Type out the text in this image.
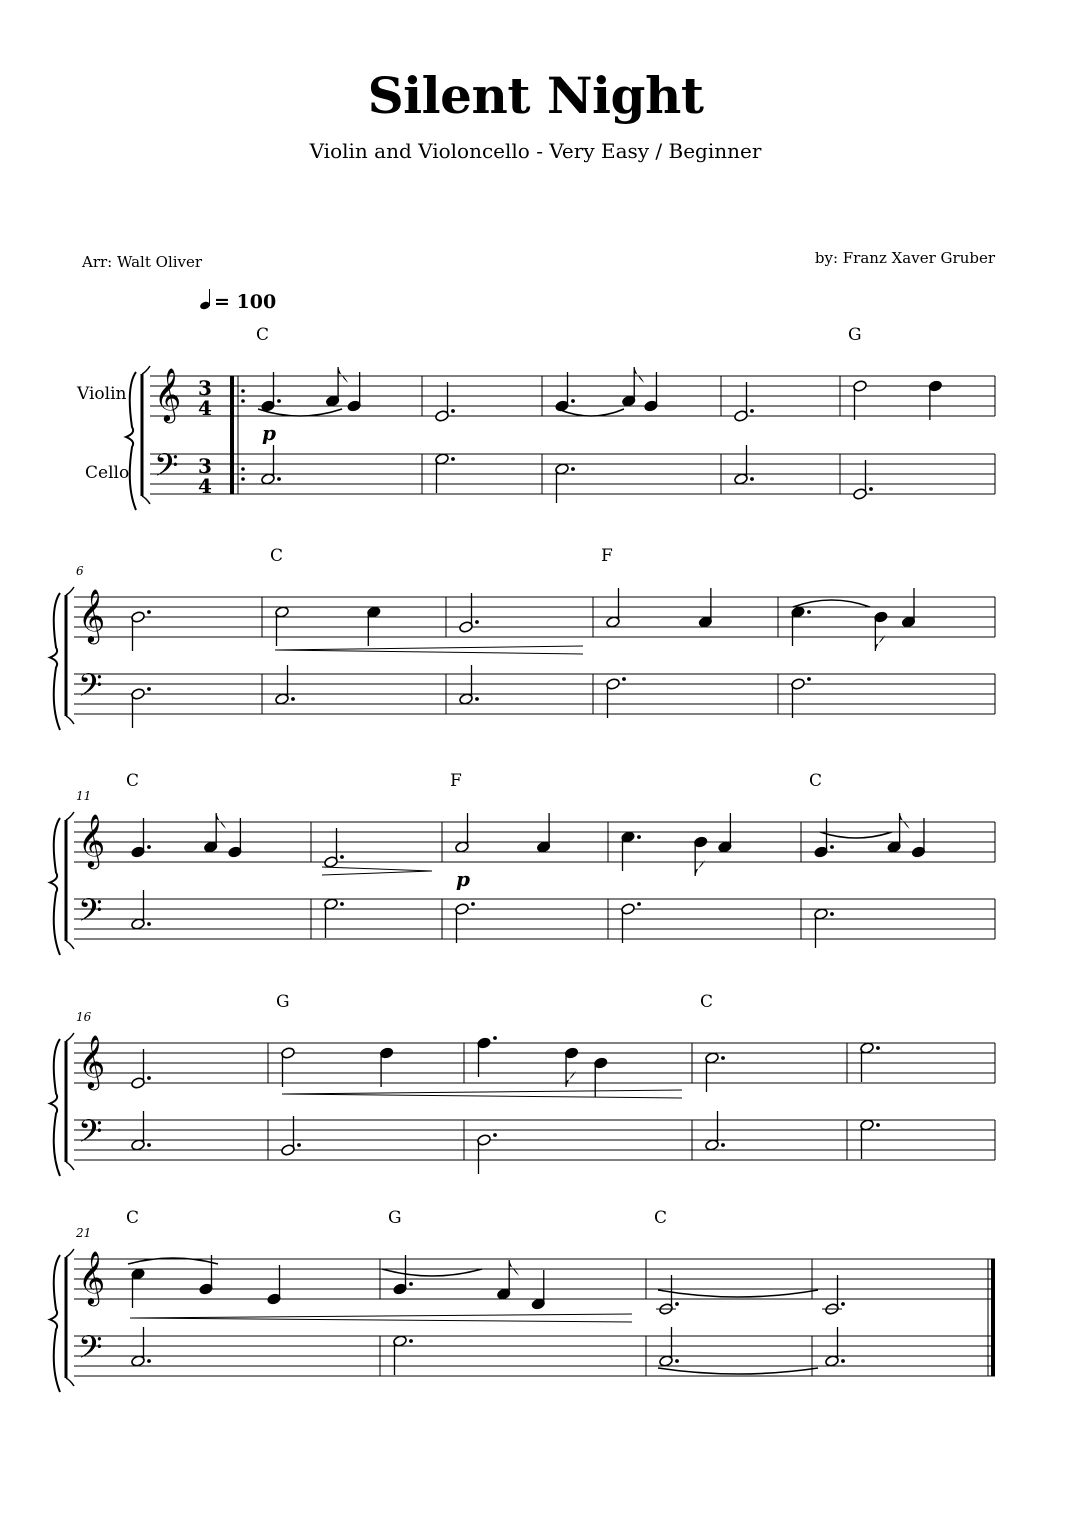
Silent Night
Violin and Violoncello - Very Easy / Beginner
Arr: Walt Oliver	by: Franz Xaver Gruber
= 100
Violin
Cello
𝄞
𝄢
3
4
3
4
C
p
G
𝄞
𝄢
6
C	F
𝄞
𝄢
11
C	F
p
C
𝄞
𝄢
16
G	C
𝄞
𝄢
21
C	G	C
